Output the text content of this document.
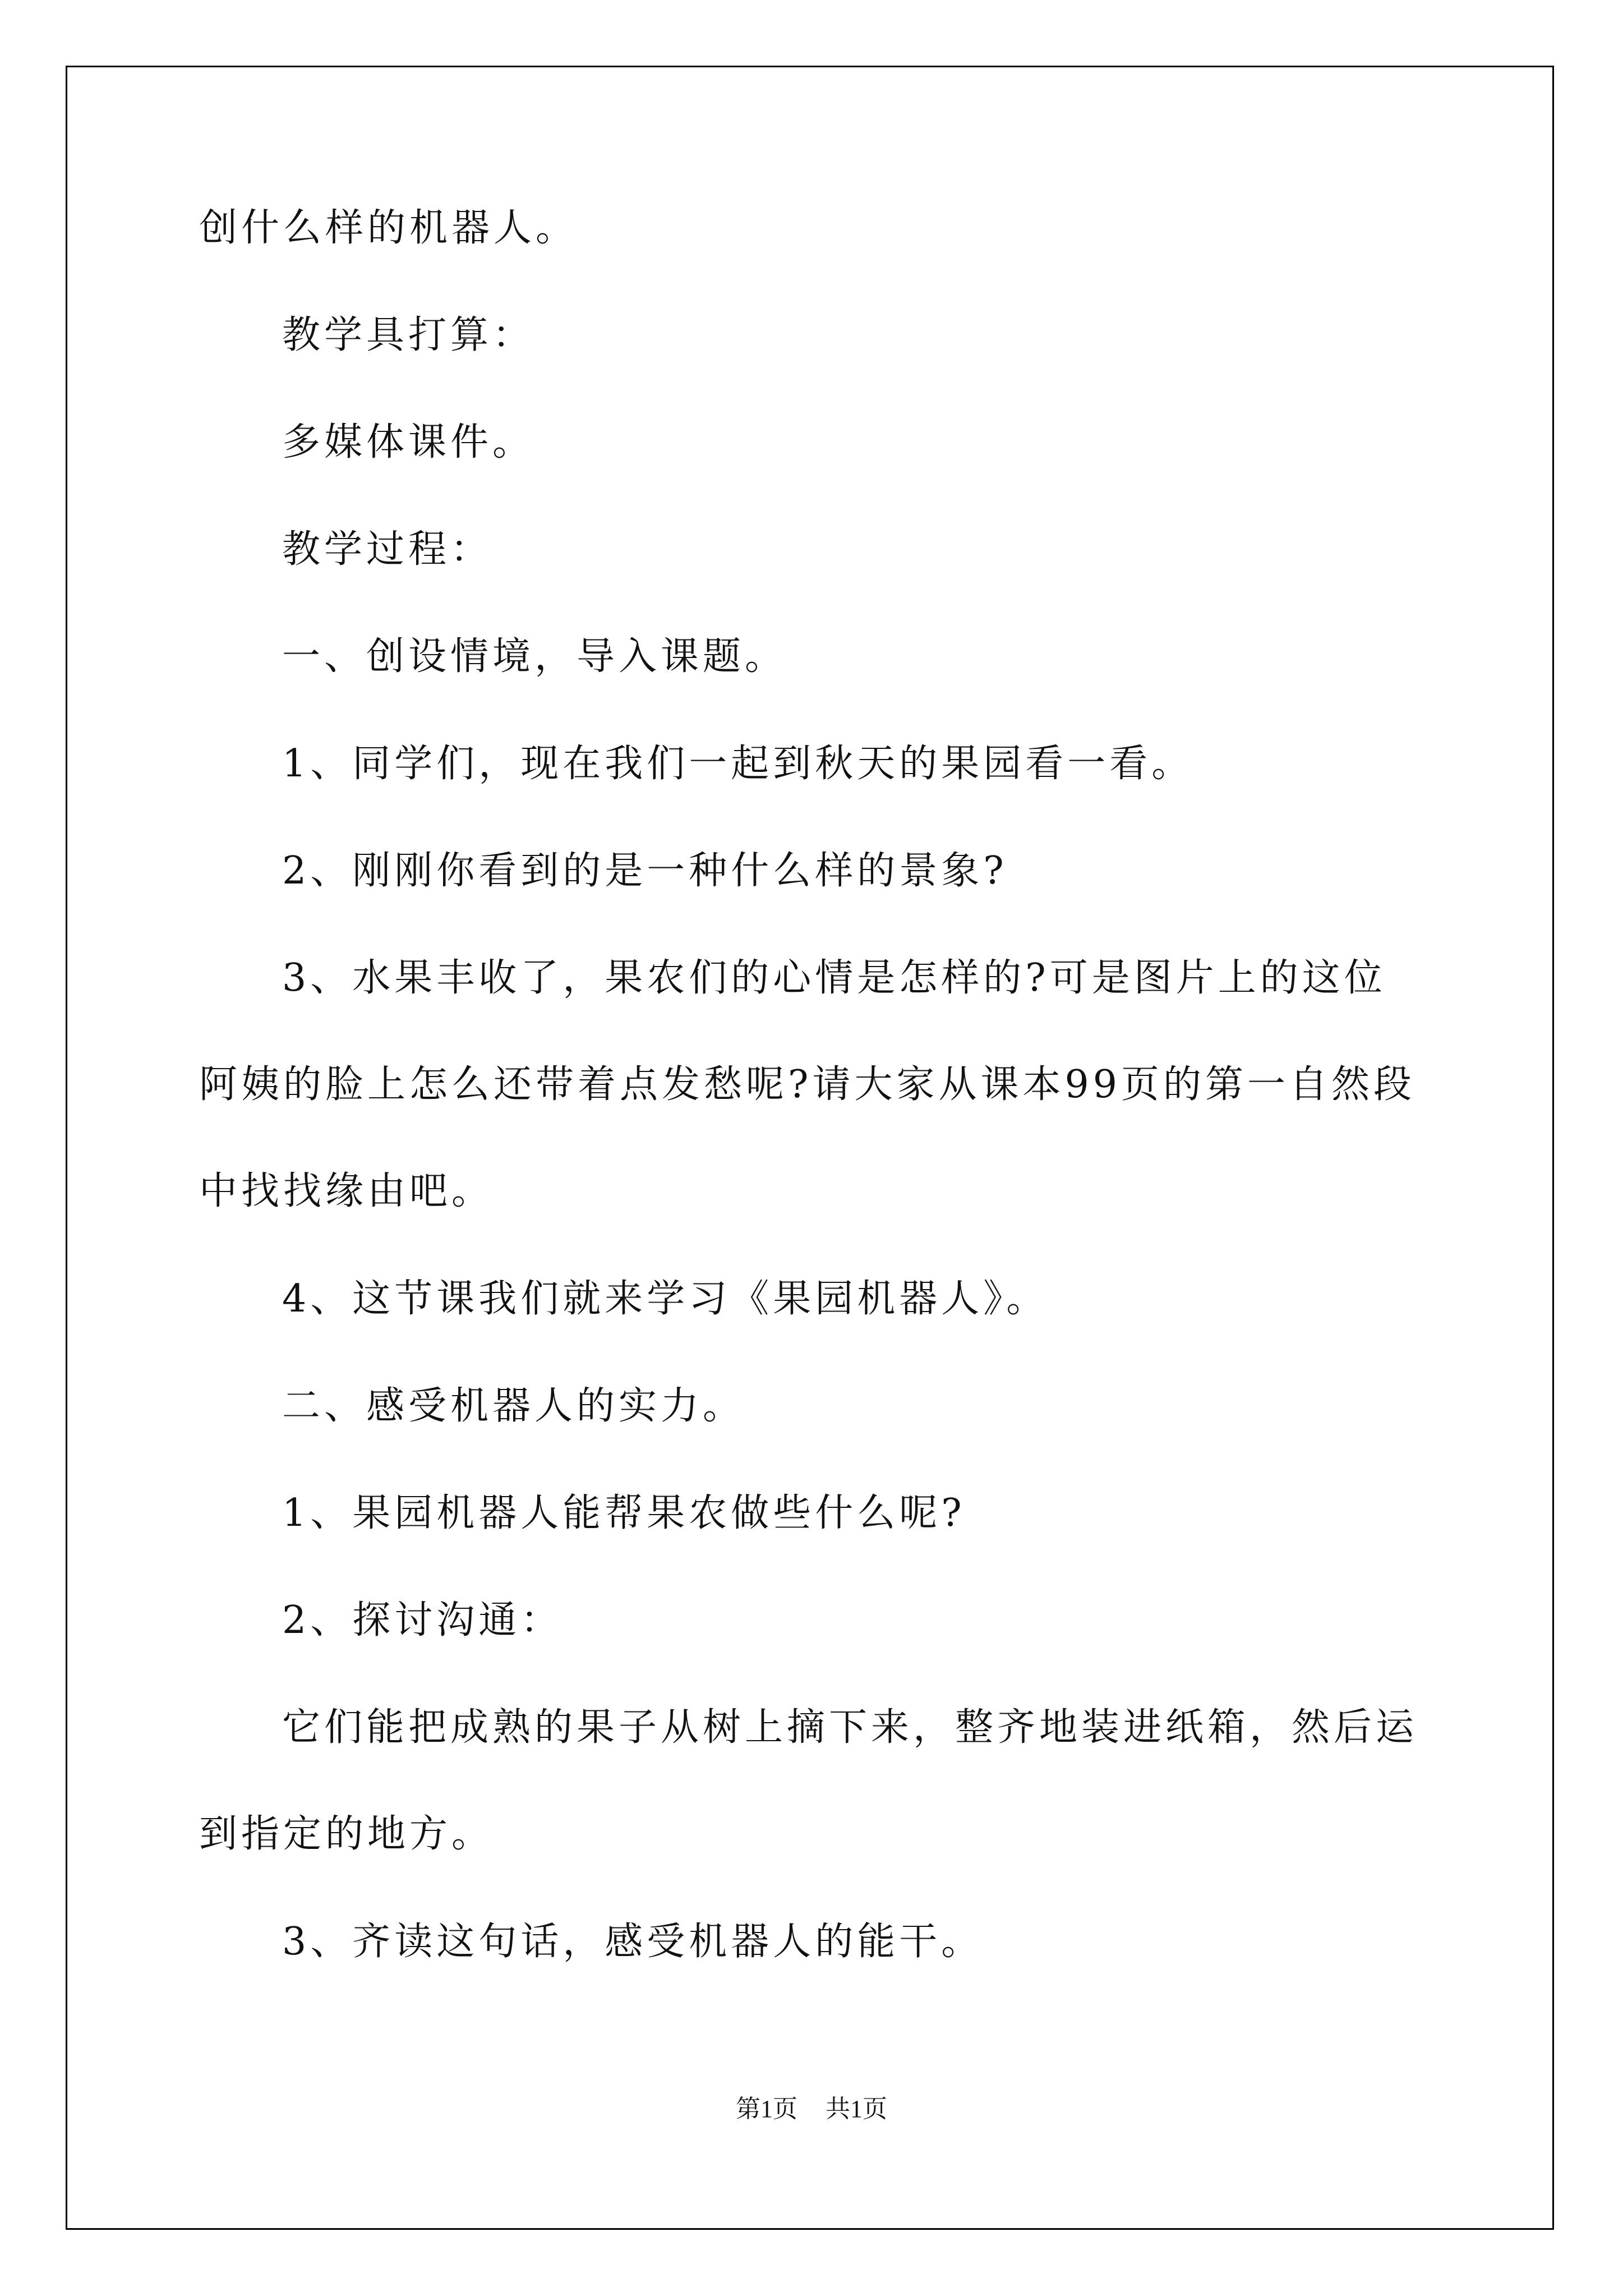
创什么样的机器人。

教学具打算：

多媒体课件。

教学过程：

一、创设情境，导入课题。

1、同学们，现在我们一起到秋天的果园看一看。

2、刚刚你看到的是一种什么样的景象?

3、水果丰收了，果农们的心情是怎样的?可是图片上的这位阿姨的脸上怎么还带着点发愁呢?请大家从课本99页的第一自然段中找找缘由吧。

4、这节课我们就来学习《果园机器人》。

二、感受机器人的实力。

1、果园机器人能帮果农做些什么呢?

2、探讨沟通：

它们能把成熟的果子从树上摘下来，整齐地装进纸箱，然后运到指定的地方。

3、齐读这句话，感受机器人的能干。

第1页 共1页
